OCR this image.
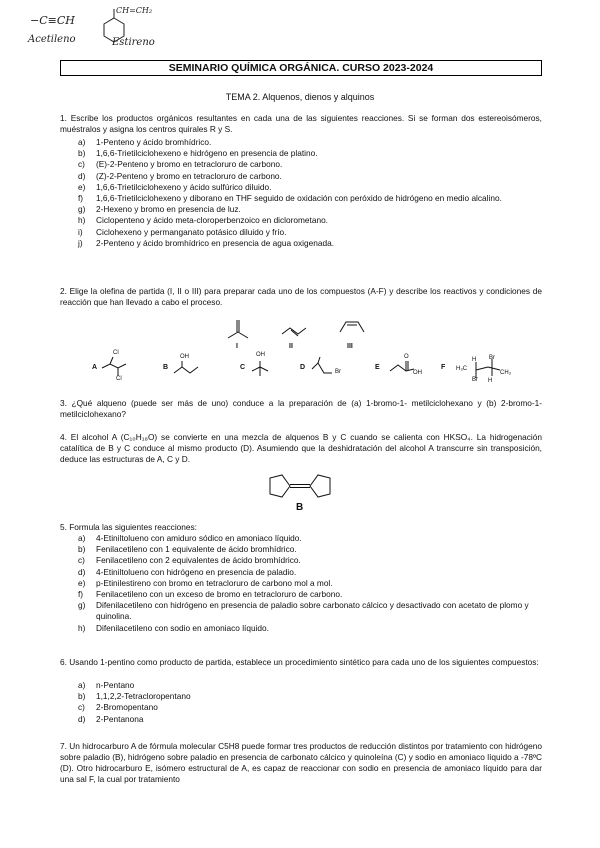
−C≡CH
Acetileno
CH=CH₂
Estireno
SEMINARIO QUÍMICA ORGÁNICA. CURSO 2023-2024
TEMA 2. Alquenos, dienos y alquinos
1. Escribe los productos orgánicos resultantes en cada una de las siguientes reacciones. Si se forman dos estereoisómeros, muéstralos y asigna los centros quirales R y S.
a)	1-Penteno y ácido bromhídrico.
b)	1,6,6-Trietilciclohexeno e hidrógeno en presencia de platino.
c)	(E)-2-Penteno y bromo en tetracloruro de carbono.
d)	(Z)-2-Penteno y bromo en tetracloruro de carbono.
e)	1,6,6-Trietilciclohexeno y ácido sulfúrico diluido.
f)	1,6,6-Trietilciclohexeno y diborano en THF seguido de oxidación con peróxido de hidrógeno en medio alcalino.
g)	2-Hexeno y bromo en presencia de luz.
h)	Ciclopenteno y ácido meta-cloroperbenzoico en diclorometano.
i)	Ciclohexeno y permanganato potásico diluido y frío.
j)	2-Penteno y ácido bromhídrico en presencia de agua oxigenada.
2. Elige la olefina de partida (I, II o III) para preparar cada uno de los compuestos (A-F) y describe los reactivos y condiciones de reacción que han llevado a cabo el proceso.
I	II	III
A
Cl
Cl
B
OH
C
OH
D
Br
E
O
OH
F
H
H₃C
Br
Br
CH₃
H
3. ¿Qué alqueno (puede ser más de uno) conduce a la preparación de (a) 1-bromo-1- metilciclohexano y (b) 2-bromo-1-metilciclohexano?
4. El alcohol A (C₁₀H₁₈O) se convierte en una mezcla de alquenos B y C cuando se calienta con HKSO₄. La hidrogenación catalítica de B y C conduce al mismo producto (D). Asumiendo que la deshidratación del alcohol A transcurre sin transposición, deduce las estructuras de A, C y D.
B
5. Formula las siguientes reacciones:
a)	4-Etiniltolueno con amiduro sódico en amoniaco líquido.
b)	Fenilacetileno con 1 equivalente de ácido bromhídrico.
c)	Fenilacetileno con 2 equivalentes de ácido bromhídrico.
d)	4-Etiniltolueno con hidrógeno en presencia de paladio.
e)	p-Etinilestireno con bromo en tetracloruro de carbono mol a mol.
f)	Fenilacetileno con un exceso de bromo en tetracloruro de carbono.
g)	Difenilacetileno con hidrógeno en presencia de paladio sobre carbonato cálcico y desactivado con acetato de plomo y quinolina.
h)	Difenilacetileno con sodio en amoniaco líquido.
6. Usando 1-pentino como producto de partida, establece un procedimiento sintético para cada uno de los siguientes compuestos:
a)	n-Pentano
b)	1,1,2,2-Tetracloropentano
c)	2-Bromopentano
d)	2-Pentanona
7. Un hidrocarburo A de fórmula molecular C5H8 puede formar tres productos de reducción distintos por tratamiento con hidrógeno sobre paladio (B), hidrógeno sobre paladio en presencia de carbonato cálcico y quinoleína (C) y sodio en amoniaco líquido a -78ºC (D). Otro hidrocarburo E, isómero estructural de A, es capaz de reaccionar con sodio en presencia de amoniaco líquido para dar una sal F, la cual por tratamiento
